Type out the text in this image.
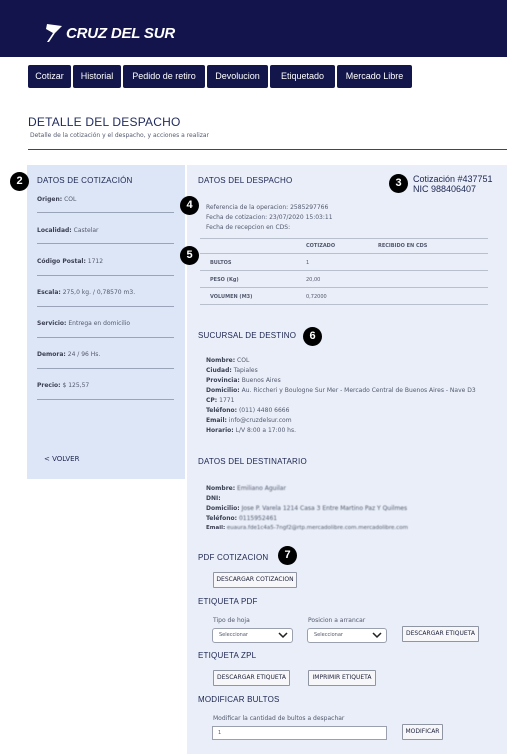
CRUZ DEL SUR
Cotizar	Historial	Pedido de retiro	Devolucion	Etiquetado	Mercado Libre
DETALLE DEL DESPACHO
Detalle de la cotización y el despacho, y acciones a realizar
2	DATOS DE COTIZACIÓN
Origen: COL
Localidad: Castelar
Código Postal: 1712
Escala: 275,0 kg. / 0,78570 m3.
Servicio: Entrega en domicilio
Demora: 24 / 96 Hs.
Precio: $ 125,57
< VOLVER
DATOS DEL DESPACHO	3	Cotización #437751
NIC 988406407
4	Referencia de la operacion: 2585297766
Fecha de cotizacion: 23/07/2020 15:03:11
Fecha de recepcion en CDS:
COTIZADO	RECIBIDO EN CDS
5
BULTOS	1
PESO (Kg)	20,00
VOLUMEN (M3)	0,72000
SUCURSAL DE DESTINO	6
Nombre: COL
Ciudad: Tapiales
Provincia: Buenos Aires
Domicilio: Au. Riccheri y Boulogne Sur Mer - Mercado Central de Buenos Aires - Nave D3
CP: 1771
Teléfono: (011) 4480 6666
Email: info@cruzdelsur.com
Horario: L/V 8:00 a 17:00 hs.
DATOS DEL DESTINATARIO
Nombre: Emiliano Aguilar
DNI:
Domicilio: Jose P. Varela 1214 Casa 3 Entre Martino Paz Y Quilmes
Teléfono: 0115952461
Email: euaura.fde1c4a5-7ngf2@rtp.mercadolibre.com.mercadolibre.com
PDF COTIZACION	7
DESCARGAR COTIZACION
ETIQUETA PDF
Tipo de hoja	Posicion a arrancar
Seleccionar	Seleccionar	DESCARGAR ETIQUETA
ETIQUETA ZPL
DESCARGAR ETIQUETA	IMPRIMIR ETIQUETA
MODIFICAR BULTOS
Modificar la cantidad de bultos a despachar
1	MODIFICAR
